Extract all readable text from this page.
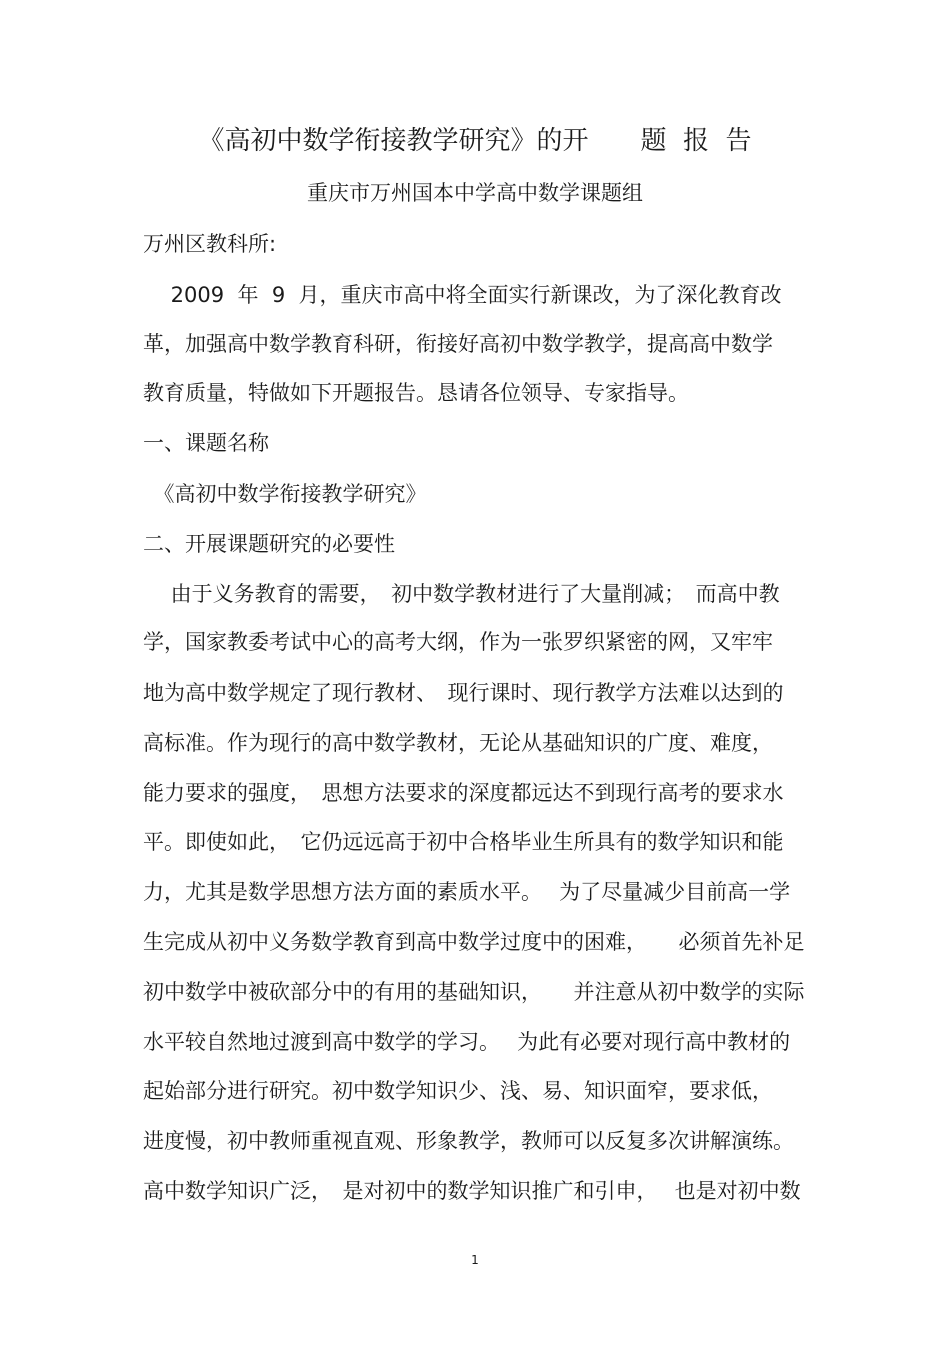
《高初中数学衔接教学研究》的开　　题  报  告
重庆市万州国本中学高中数学课题组
万州区教科所:
　 2009  年  9  月，重庆市高中将全面实行新课改，为了深化教育改
革，加强高中数学教育科研，衔接好高初中数学教学，提高高中数学
教育质量，特做如下开题报告。恳请各位领导、专家指导。
一、课题名称
　《高初中数学衔接教学研究》
二、开展课题研究的必要性
　 由于义务教育的需要，　初中数学教材进行了大量削减；　而高中教
学，国家教委考试中心的高考大纲，作为一张罗织紧密的网，又牢牢
地为高中数学规定了现行教材、　现行课时、现行教学方法难以达到的
高标准。作为现行的高中数学教材，无论从基础知识的广度、难度，
能力要求的强度，　思想方法要求的深度都远达不到现行高考的要求水
平。即使如此，　它仍远远高于初中合格毕业生所具有的数学知识和能
力，尤其是数学思想方法方面的素质水平。　 为了尽量减少目前高一学
生完成从初中义务数学教育到高中数学过度中的困难，　　必须首先补足
初中数学中被砍部分中的有用的基础知识，　　并注意从初中数学的实际
水平较自然地过渡到高中数学的学习。　 为此有必要对现行高中教材的
起始部分进行研究。初中数学知识少、浅、易、知识面窄，要求低，
进度慢，初中教师重视直观、形象教学，教师可以反复多次讲解演练。
高中数学知识广泛，　是对初中的数学知识推广和引申，　 也是对初中数
1
